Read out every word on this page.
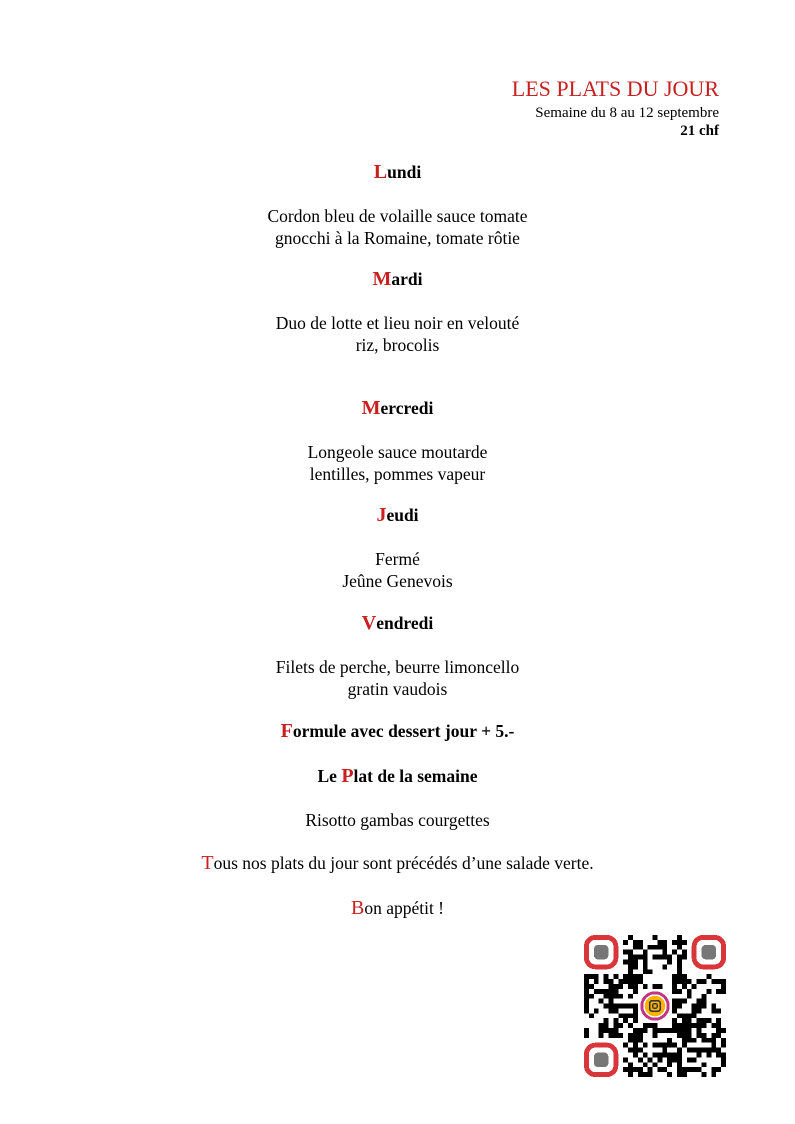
LES PLATS DU JOUR
Semaine du 8 au 12 septembre
21 chf
Lundi
Cordon bleu de volaille sauce tomate
gnocchi à la Romaine, tomate rôtie
Mardi
Duo de lotte et lieu noir en velouté
riz, brocolis
Mercredi
Longeole sauce moutarde
lentilles, pommes vapeur
Jeudi
Fermé
Jeûne Genevois
Vendredi
Filets de perche, beurre limoncello
gratin vaudois
Formule avec dessert jour + 5.-
Le Plat de la semaine
Risotto gambas courgettes
Tous nos plats du jour sont précédés d’une salade verte.
Bon appétit !
